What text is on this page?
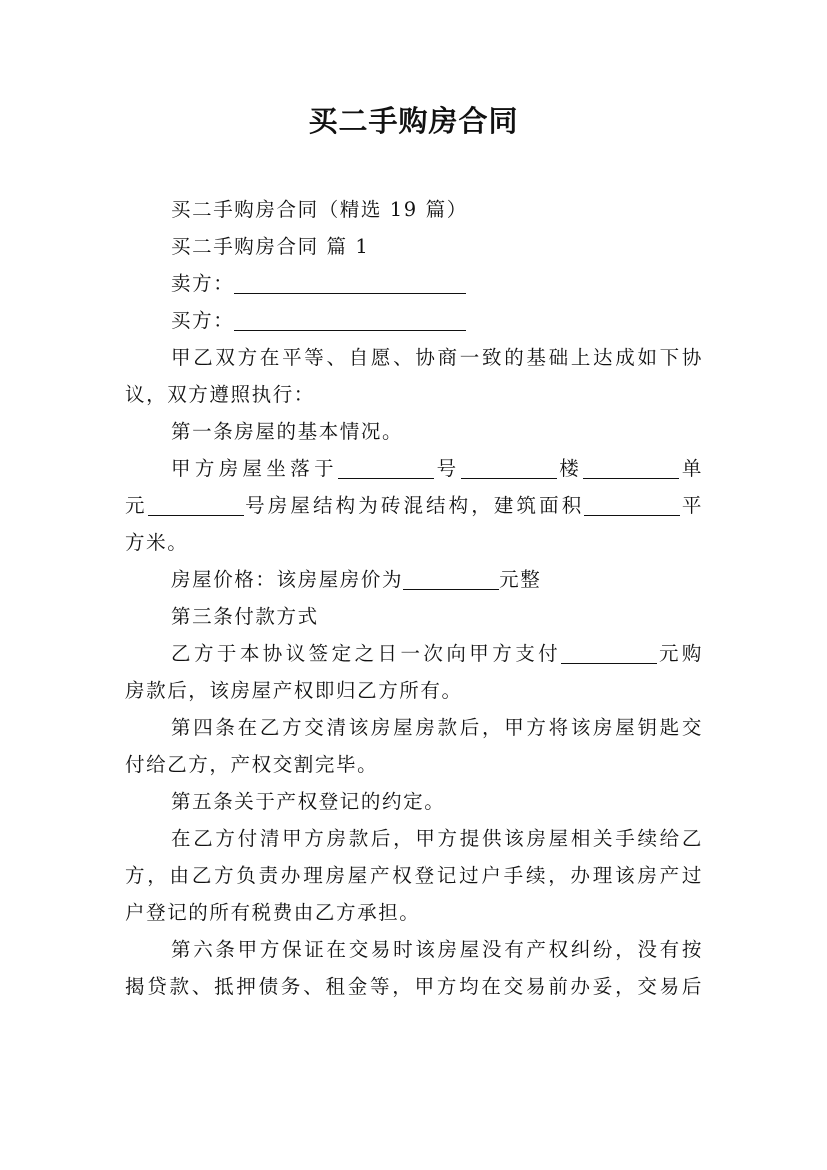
买二手购房合同

买二手购房合同（精选 19 篇）

买二手购房合同 篇 1

卖方：

买方：

甲乙双方在平等、自愿、协商一致的基础上达成如下协

议，双方遵照执行：

第一条房屋的基本情况。

甲方房屋坐落于	号	楼	单

元	号房屋结构为砖混结构，建筑面积	平

方米。

房屋价格：该房屋房价为	元整

第三条付款方式

乙方于本协议签定之日一次向甲方支付	元购

房款后，该房屋产权即归乙方所有。

第四条在乙方交清该房屋房款后，甲方将该房屋钥匙交

付给乙方，产权交割完毕。

第五条关于产权登记的约定。

在乙方付清甲方房款后，甲方提供该房屋相关手续给乙

方，由乙方负责办理房屋产权登记过户手续，办理该房产过

户登记的所有税费由乙方承担。

第六条甲方保证在交易时该房屋没有产权纠纷，没有按

揭贷款、抵押债务、租金等，甲方均在交易前办妥，交易后
